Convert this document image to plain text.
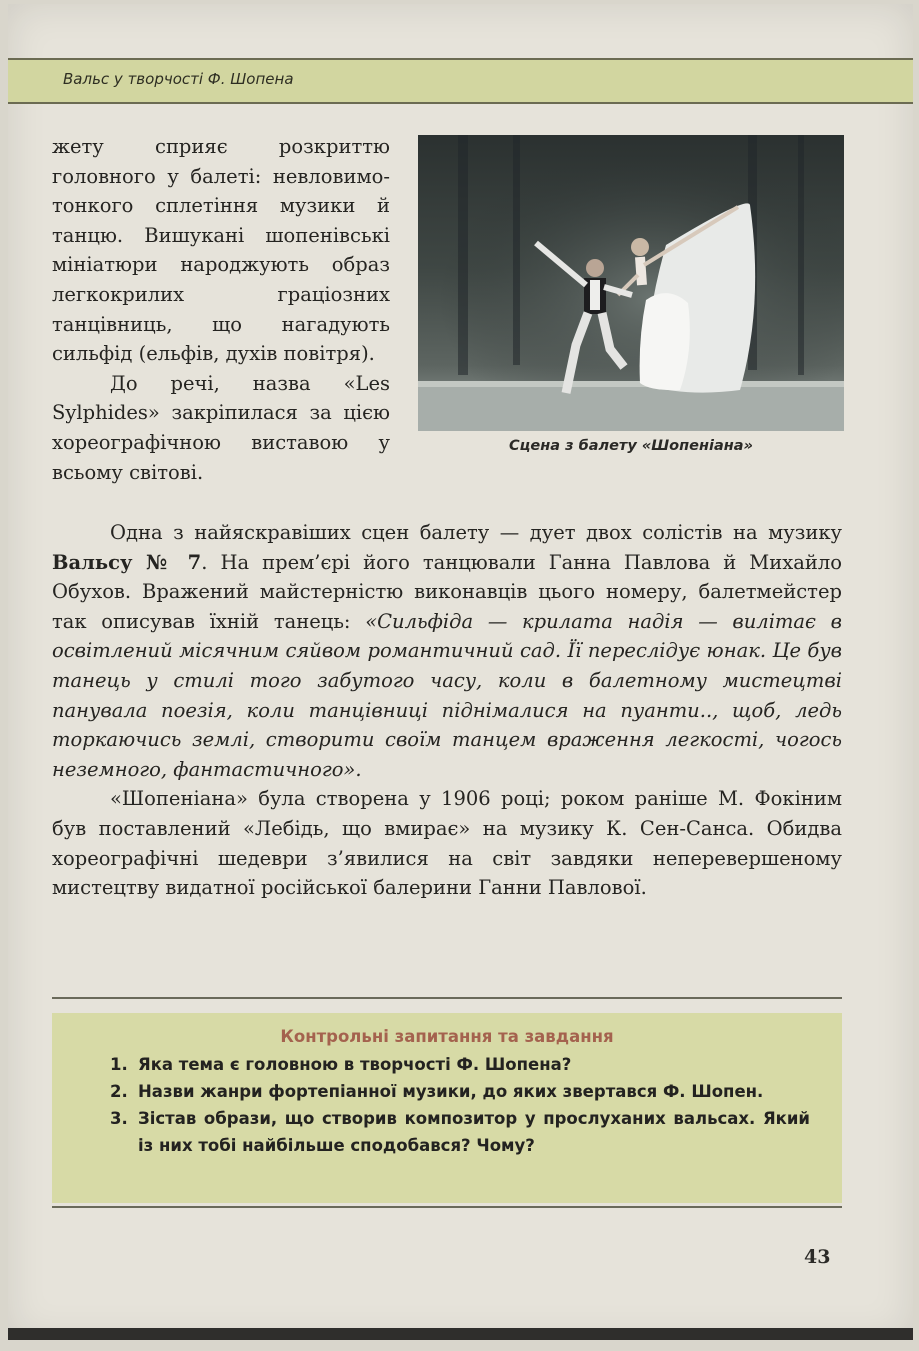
Вальс у творчості Ф. Шопена

жету сприяє розкриттю головного у балеті: невловимо-тонкого сплетіння музики й танцю. Вишукані шопенівські мініатюри народжують образ легкокрилих граціозних танцівниць, що нагадують сильфід (ельфів, духів повітря).

До речі, назва «Les Sylphides» закріпилася за цією хореографічною виставою у всьому світові.

Сцена з балету «Шопеніана»

Одна з найяскравіших сцен балету — дует двох солістів на музику Вальсу № 7. На прем’єрі його танцювали Ганна Павлова й Михайло Обухов. Вражений майстерністю виконавців цього номеру, балетмейстер так описував їхній танець: «Сильфіда — крилата надія — вилітає в освітлений місячним сяйвом романтичний сад. Її переслідує юнак. Це був танець у стилі того забутого часу, коли в балетному мистецтві панувала поезія, коли танцівниці піднімалися на пуанти.., щоб, ледь торкаючись землі, створити своїм танцем враження легкості, чогось неземного, фантастичного».

«Шопеніана» була створена у 1906 році; роком раніше М. Фокіним був поставлений «Лебідь, що вмирає» на музику К. Сен-Санса. Обидва хореографічні шедеври з’явилися на світ завдяки неперевершеному мистецтву видатної російської балерини Ганни Павлової.

Контрольні запитання та завдання
1. Яка тема є головною в творчості Ф. Шопена?
2. Назви жанри фортепіанної музики, до яких звертався Ф. Шопен.
3. Зістав образи, що створив композитор у прослуханих вальсах. Який із них тобі найбільше сподобався? Чому?
43
